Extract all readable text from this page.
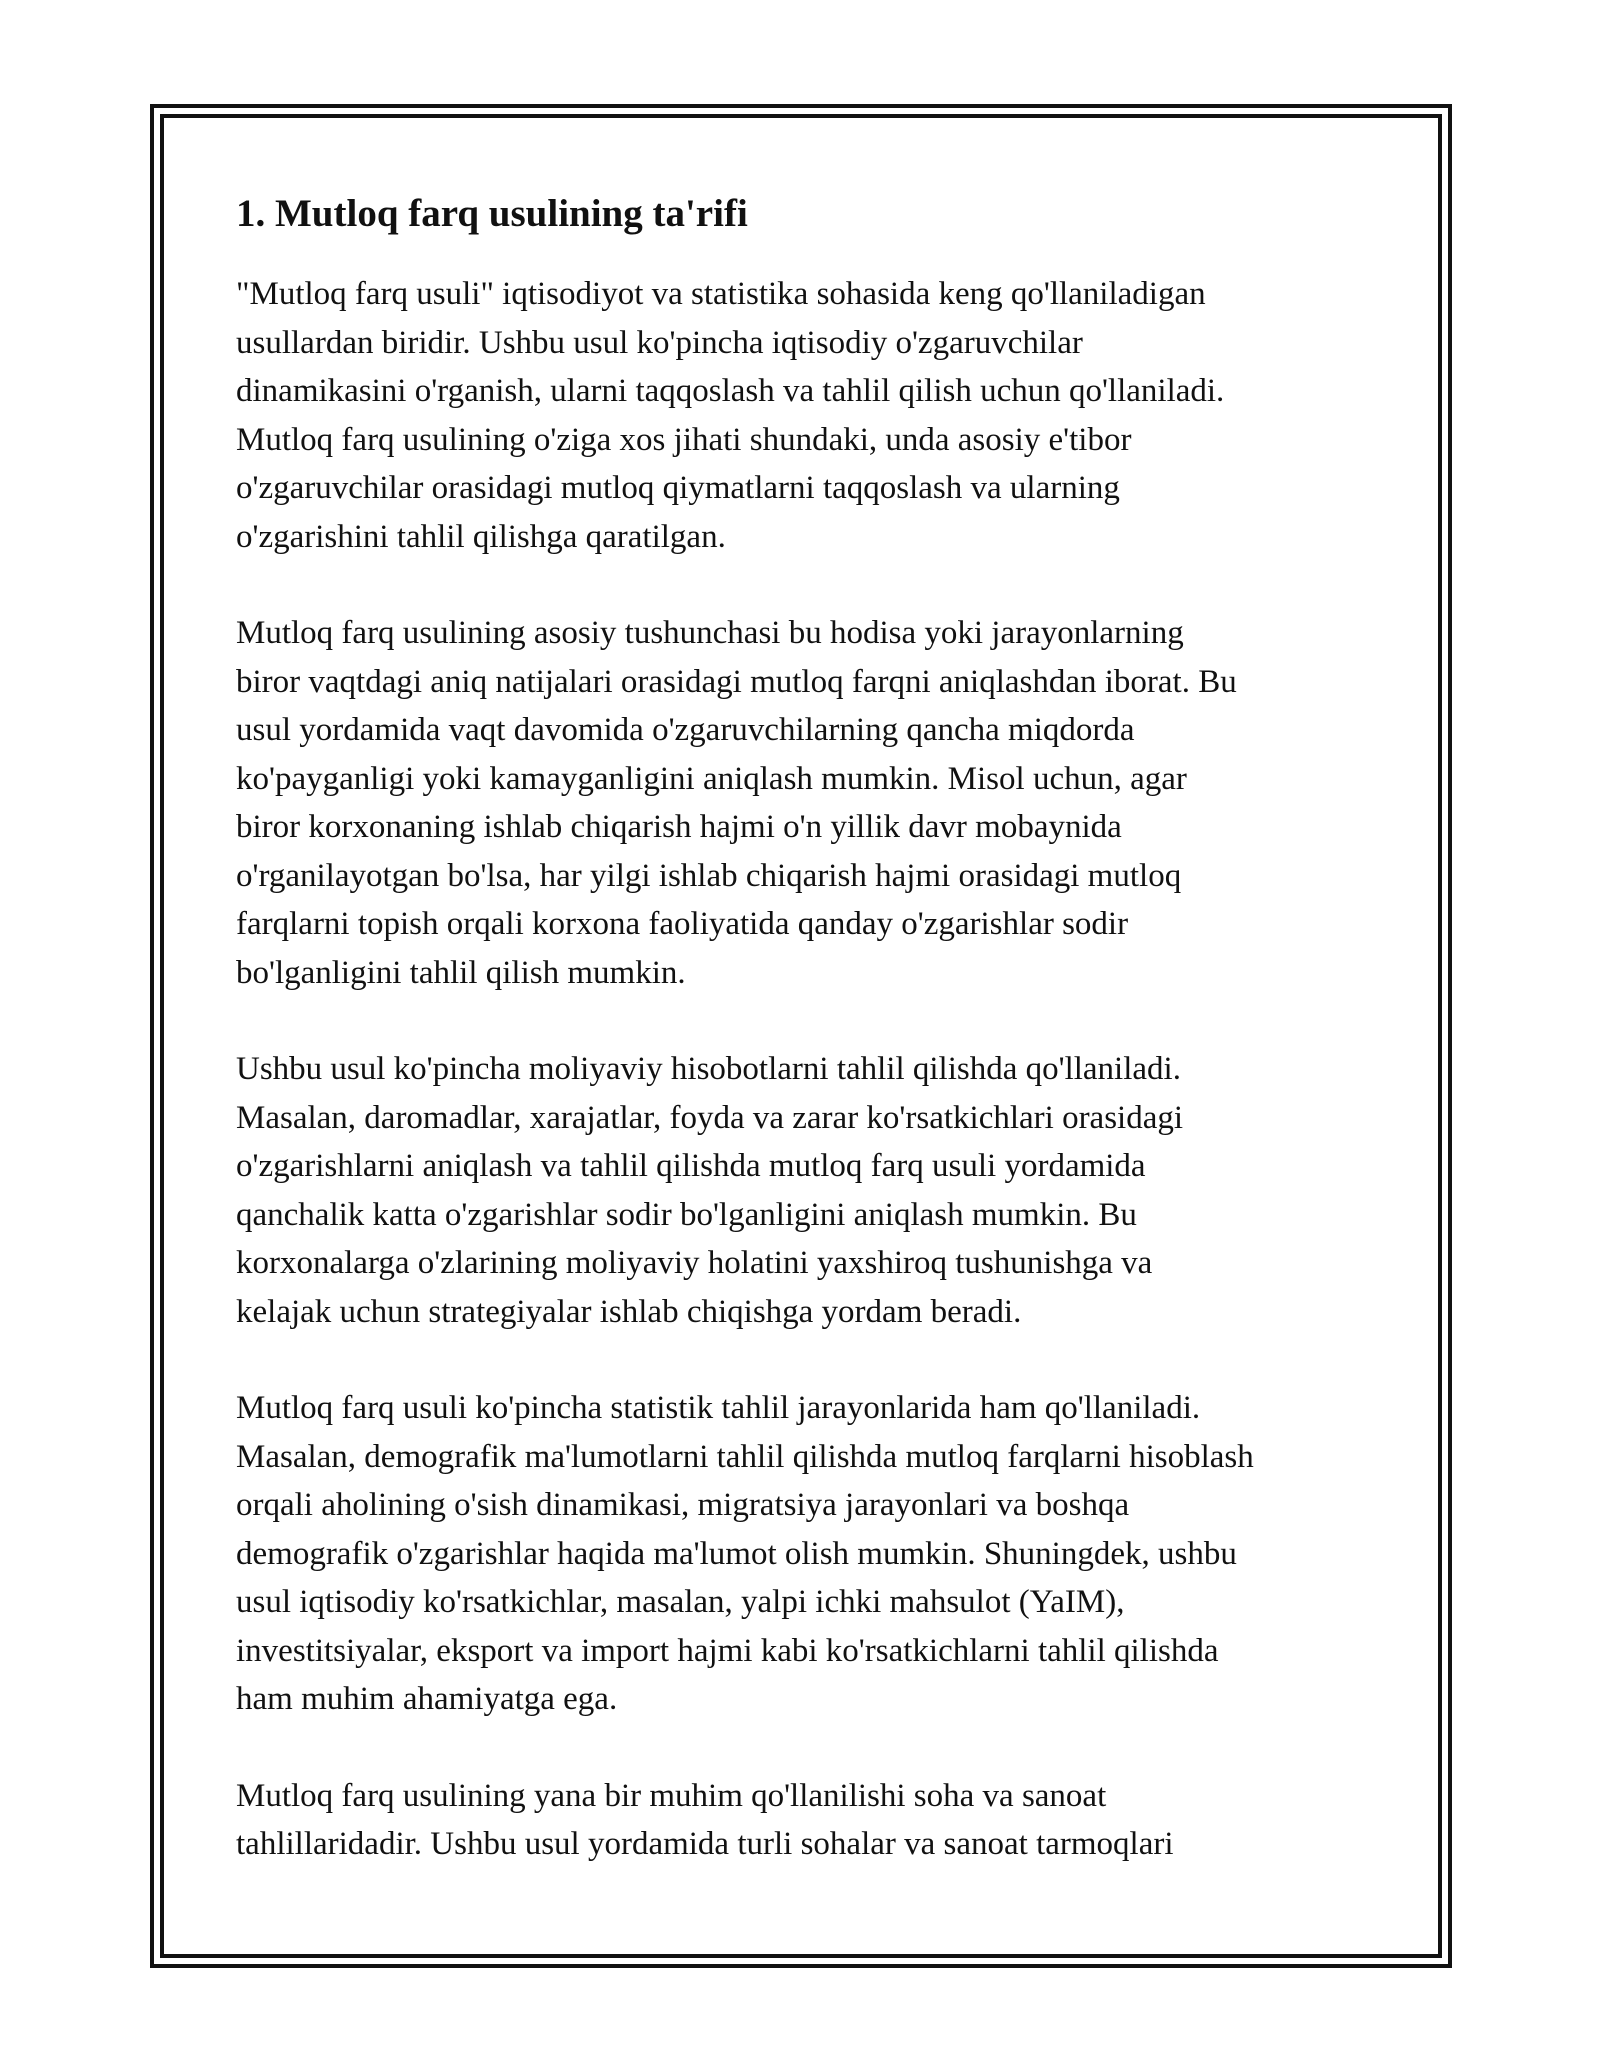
1. Mutloq farq usulining ta'rifi

"Mutloq farq usuli" iqtisodiyot va statistika sohasida keng qo'llaniladigan
usullardan biridir. Ushbu usul ko'pincha iqtisodiy o'zgaruvchilar
dinamikasini o'rganish, ularni taqqoslash va tahlil qilish uchun qo'llaniladi.
Mutloq farq usulining o'ziga xos jihati shundaki, unda asosiy e'tibor
o'zgaruvchilar orasidagi mutloq qiymatlarni taqqoslash va ularning
o'zgarishini tahlil qilishga qaratilgan.

Mutloq farq usulining asosiy tushunchasi bu hodisa yoki jarayonlarning
biror vaqtdagi aniq natijalari orasidagi mutloq farqni aniqlashdan iborat. Bu
usul yordamida vaqt davomida o'zgaruvchilarning qancha miqdorda
ko'payganligi yoki kamayganligini aniqlash mumkin. Misol uchun, agar
biror korxonaning ishlab chiqarish hajmi o'n yillik davr mobaynida
o'rganilayotgan bo'lsa, har yilgi ishlab chiqarish hajmi orasidagi mutloq
farqlarni topish orqali korxona faoliyatida qanday o'zgarishlar sodir
bo'lganligini tahlil qilish mumkin.

Ushbu usul ko'pincha moliyaviy hisobotlarni tahlil qilishda qo'llaniladi.
Masalan, daromadlar, xarajatlar, foyda va zarar ko'rsatkichlari orasidagi
o'zgarishlarni aniqlash va tahlil qilishda mutloq farq usuli yordamida
qanchalik katta o'zgarishlar sodir bo'lganligini aniqlash mumkin. Bu
korxonalarga o'zlarining moliyaviy holatini yaxshiroq tushunishga va
kelajak uchun strategiyalar ishlab chiqishga yordam beradi.

Mutloq farq usuli ko'pincha statistik tahlil jarayonlarida ham qo'llaniladi.
Masalan, demografik ma'lumotlarni tahlil qilishda mutloq farqlarni hisoblash
orqali aholining o'sish dinamikasi, migratsiya jarayonlari va boshqa
demografik o'zgarishlar haqida ma'lumot olish mumkin. Shuningdek, ushbu
usul iqtisodiy ko'rsatkichlar, masalan, yalpi ichki mahsulot (YaIM),
investitsiyalar, eksport va import hajmi kabi ko'rsatkichlarni tahlil qilishda
ham muhim ahamiyatga ega.

Mutloq farq usulining yana bir muhim qo'llanilishi soha va sanoat
tahlillaridadir. Ushbu usul yordamida turli sohalar va sanoat tarmoqlari
